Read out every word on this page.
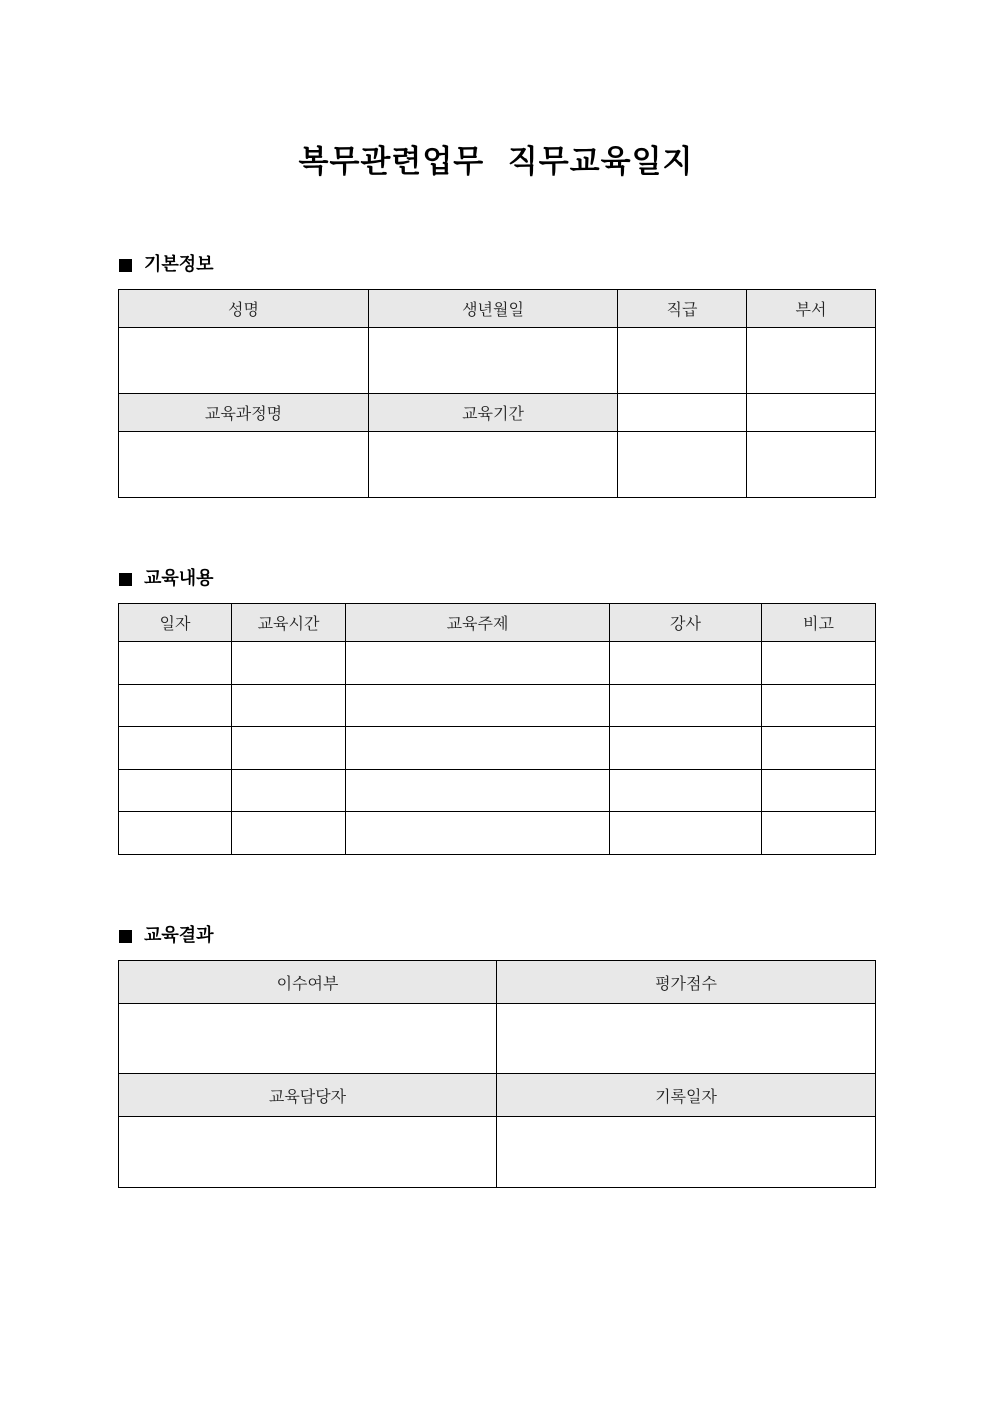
복무관련업무  직무교육일지
기본정보
성명	생년월일	직급	부서

교육과정명	교육기간		

교육내용
일자	교육시간	교육주제	강사	비고

교육결과
이수여부	평가점수

교육담당자	기록일자
